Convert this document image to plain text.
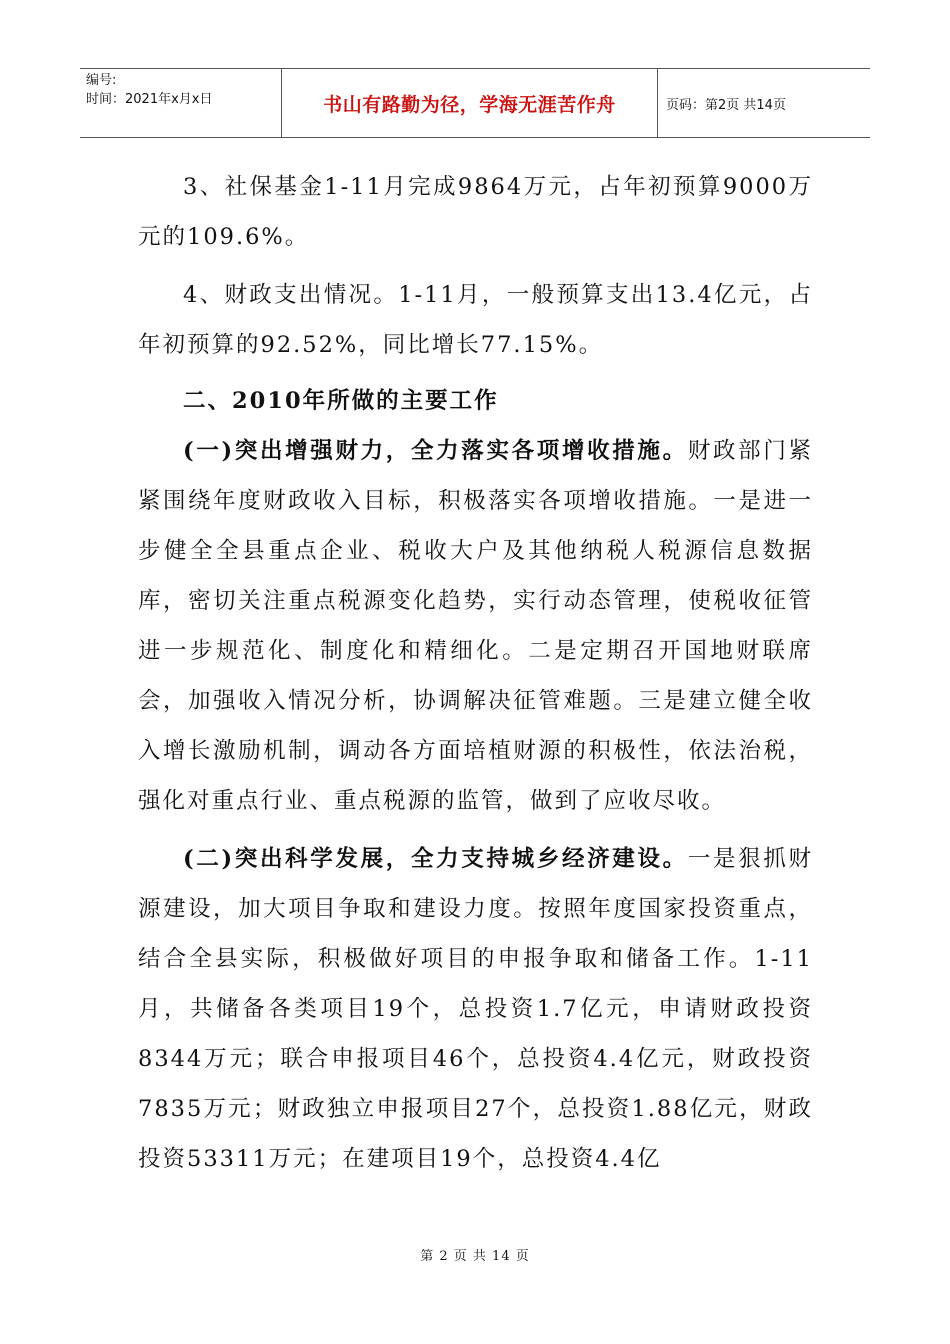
编号:
时间：2021年x月x日	书山有路勤为径，学海无涯苦作舟	页码：第2页 共14页

3、社保基金1-11月完成9864万元，占年初预算9000万元的109.6%。

4、财政支出情况。1-11月，一般预算支出13.4亿元，占年初预算的92.52%，同比增长77.15%。

二、2010年所做的主要工作

(一)突出增强财力，全力落实各项增收措施。财政部门紧紧围绕年度财政收入目标，积极落实各项增收措施。一是进一步健全全县重点企业、税收大户及其他纳税人税源信息数据库，密切关注重点税源变化趋势，实行动态管理，使税收征管进一步规范化、制度化和精细化。二是定期召开国地财联席会，加强收入情况分析，协调解决征管难题。三是建立健全收入增长激励机制，调动各方面培植财源的积极性，依法治税，强化对重点行业、重点税源的监管，做到了应收尽收。

(二)突出科学发展，全力支持城乡经济建设。一是狠抓财源建设，加大项目争取和建设力度。按照年度国家投资重点，结合全县实际，积极做好项目的申报争取和储备工作。1-11月，共储备各类项目19个，总投资1.7亿元，申请财政投资8344万元；联合申报项目46个，总投资4.4亿元，财政投资7835万元；财政独立申报项目27个，总投资1.88亿元，财政投资53311万元；在建项目19个，总投资4.4亿

第 2 页 共 14 页
